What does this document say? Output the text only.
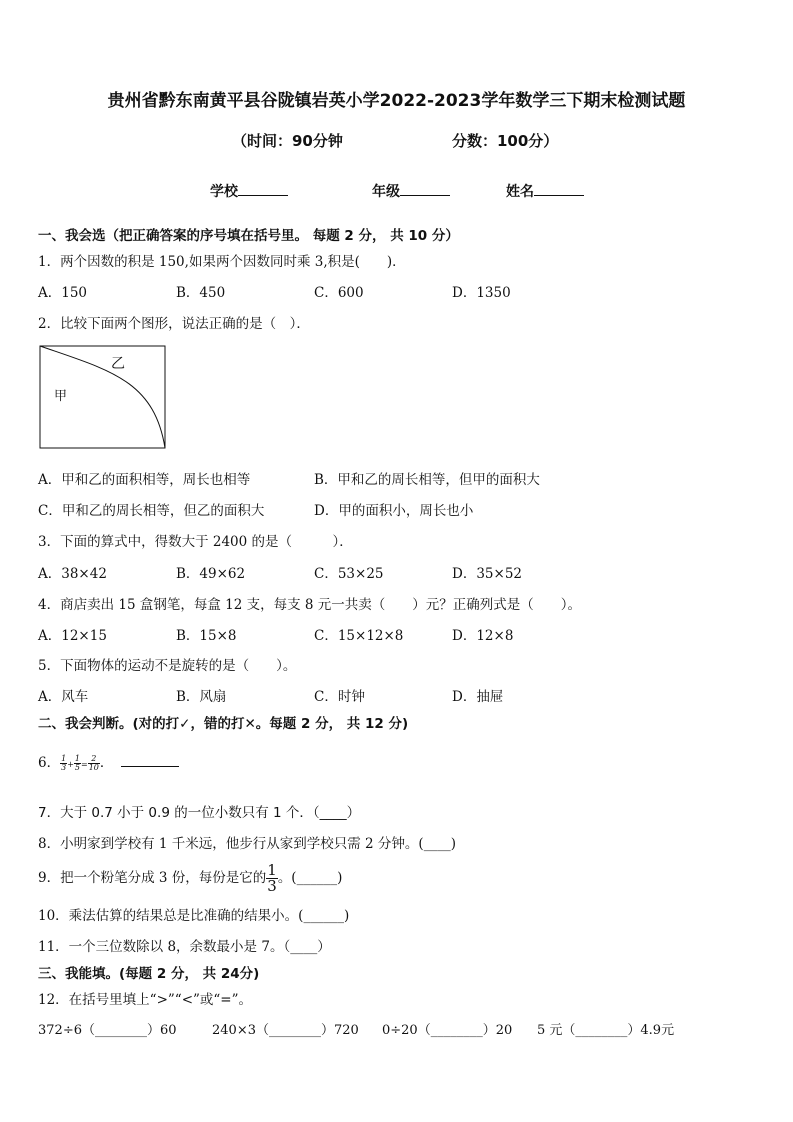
贵州省黔东南黄平县谷陇镇岩英小学2022-2023学年数学三下期末检测试题
（时间：90分钟	分数：100分）
学校	年级	姓名
一、我会选（把正确答案的序号填在括号里。 每题 2 分， 共 10 分）
1．两个因数的积是 150,如果两个因数同时乘 3,积是(　　)．
A．150	B．450	C．600	D．1350
2．比较下面两个图形，说法正确的是（　）．
乙
甲
A．甲和乙的面积相等，周长也相等	B．甲和乙的周长相等，但甲的面积大
C．甲和乙的周长相等，但乙的面积大	D．甲的面积小，周长也小
3．下面的算式中，得数大于 2400 的是（　　　）．
A．38×42	B．49×62	C．53×25	D．35×52
4．商店卖出 15 盒钢笔，每盒 12 支，每支 8 元一共卖（　　）元？正确列式是（　　）。
A．12×15	B．15×8	C．15×12×8	D．12×8
5．下面物体的运动不是旋转的是（　　）。
A．风车	B．风扇	C．时钟	D．抽屉
二、我会判断。(对的打✓，错的打✕。每题 2 分， 共 12 分)
6． $\frac{1}{3} + \frac{1}{5} = \frac{2}{10}$ ．
7．大于 0.7 小于 0.9 的一位小数只有 1 个．（____）
8．小明家到学校有 1 千米远，他步行从家到学校只需 2 分钟。(____)
9．把一个粉笔分成 3 份，每份是它的 $\frac{1}{3}$ 。(______)
10．乘法估算的结果总是比准确的结果小。(______)
11．一个三位数除以 8，余数最小是 7。（____）
三、我能填。(每题 2 分， 共 24分)
12．在括号里填上“>”“<”或“=”。
372÷6（________）60	240×3（________）720 0÷20（________）20 5 元（________）4.9元
